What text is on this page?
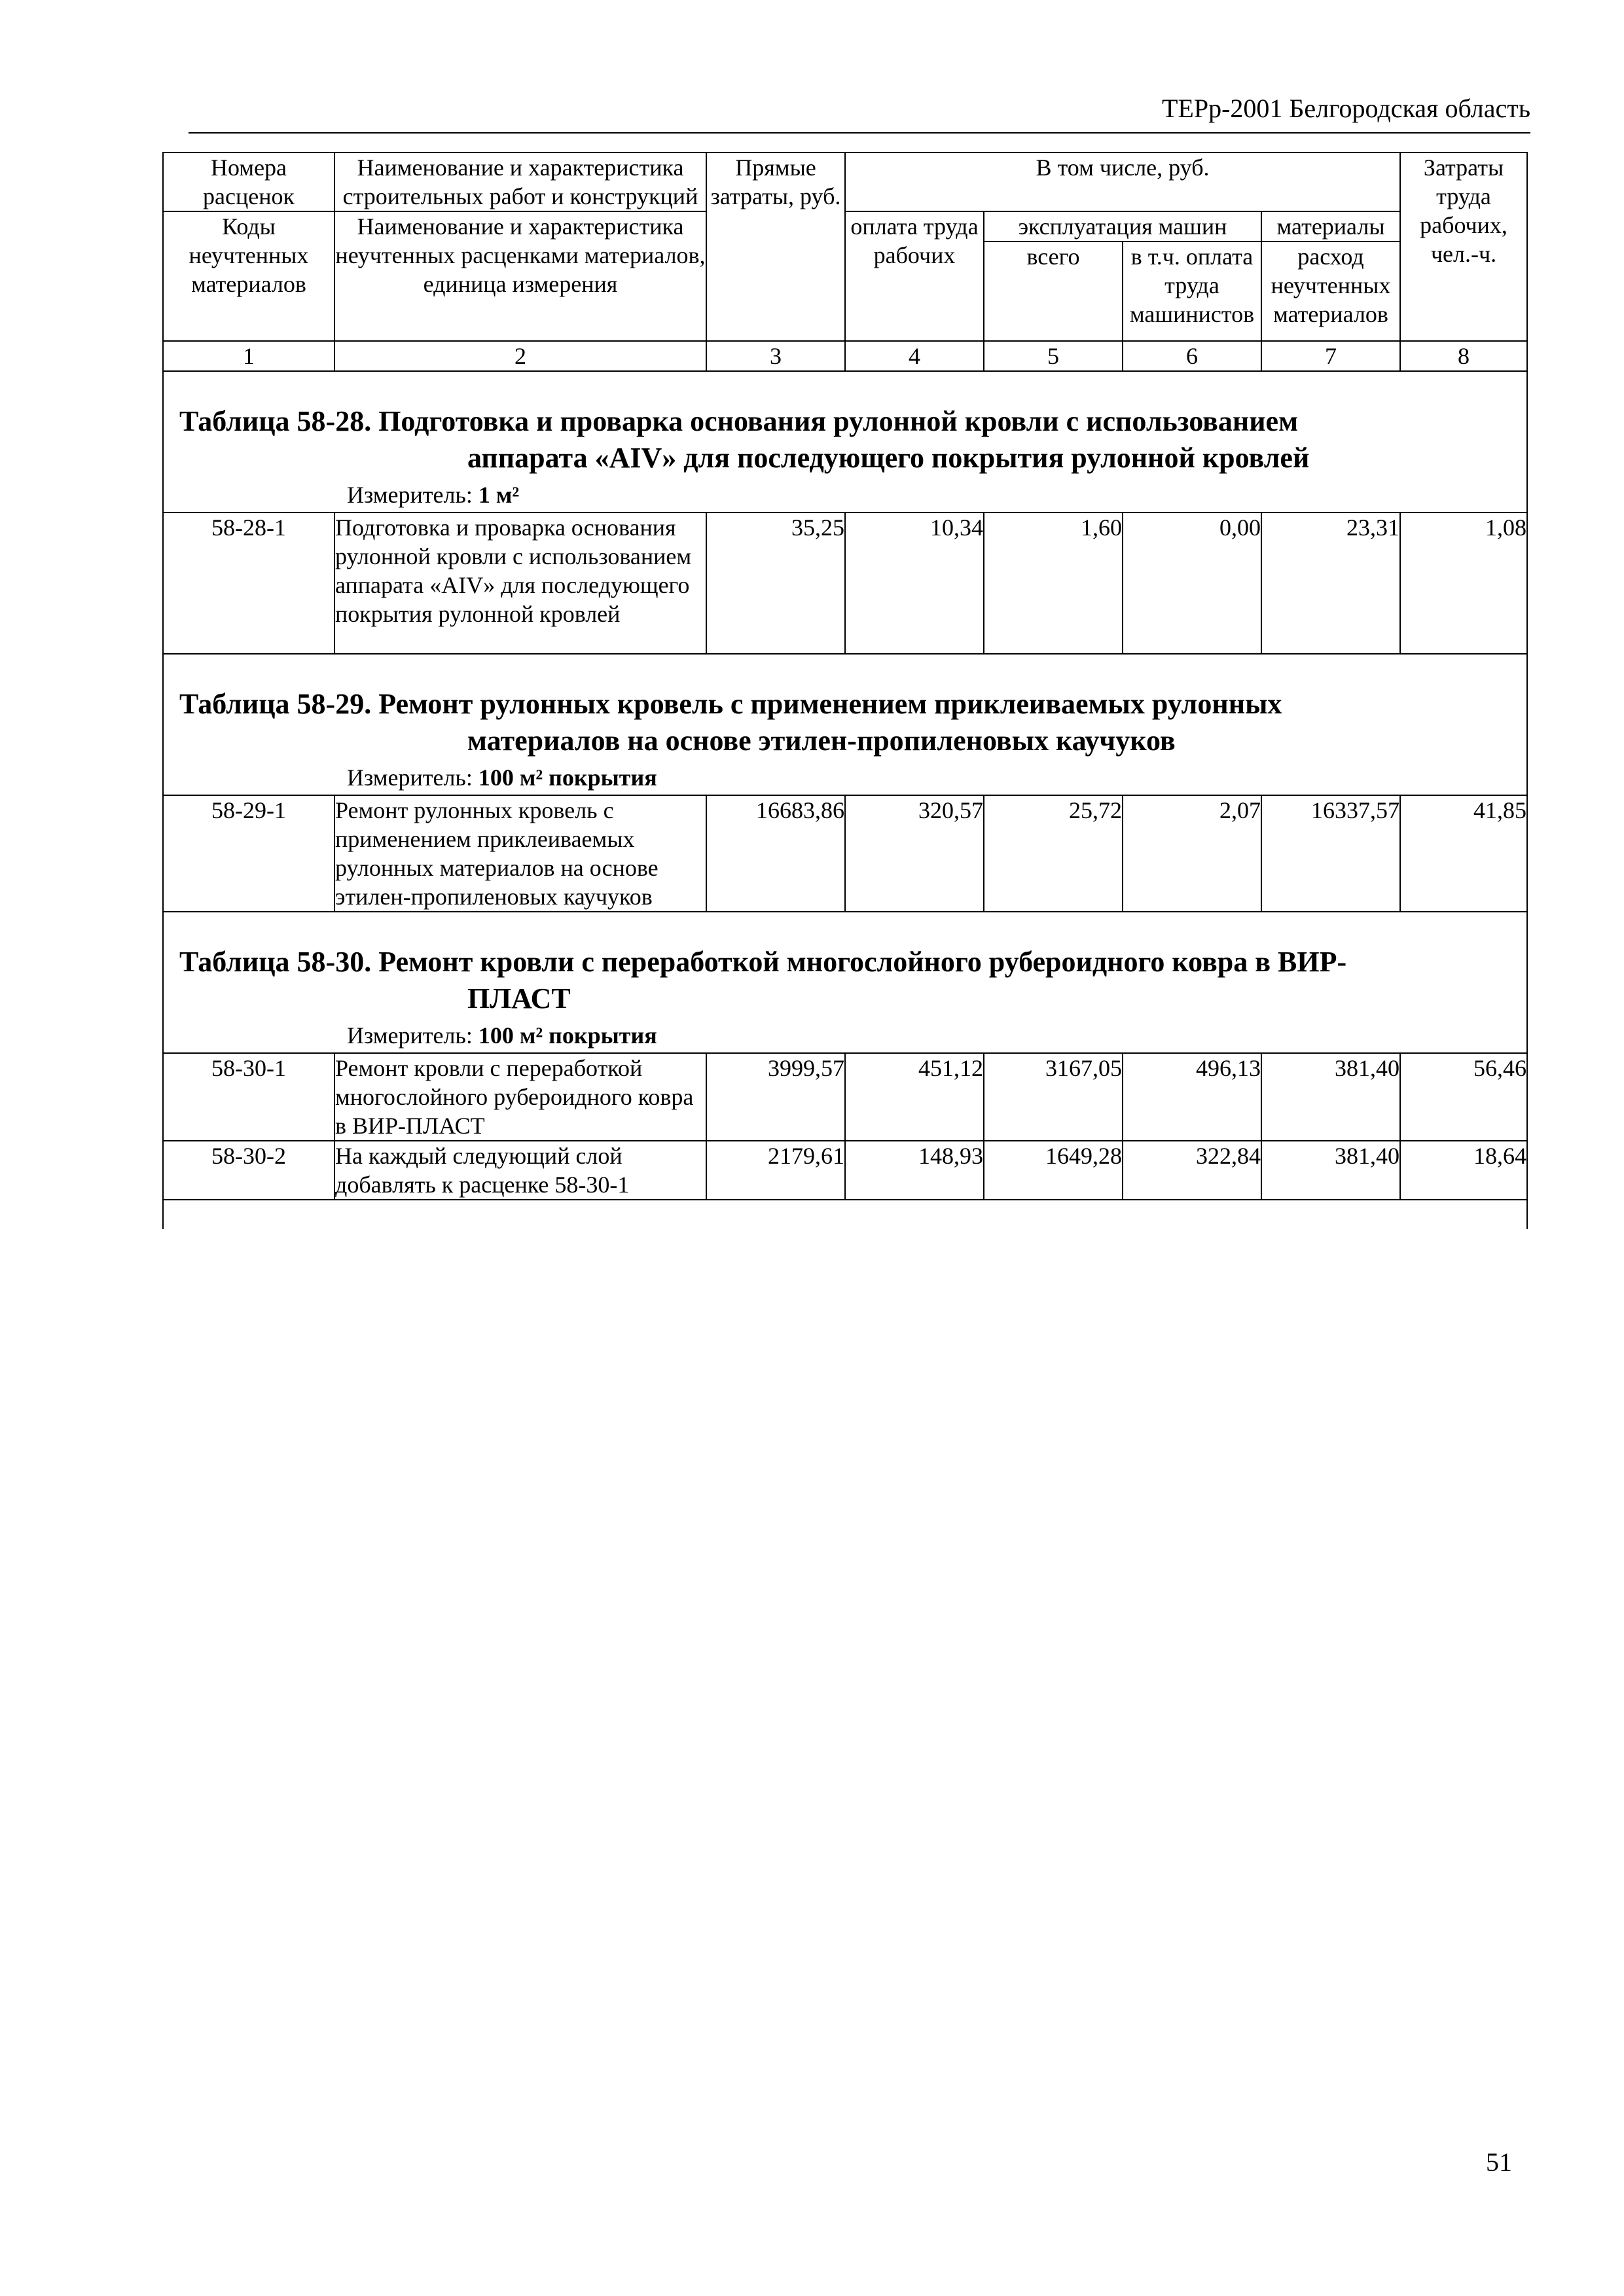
ТЕРр-2001 Белгородская область
Номера расценок	Наименование и характеристика строительных работ и конструкций	Прямые затраты, руб.	В том числе, руб.				Затраты труда рабочих, чел.-ч.
Коды неучтенных материалов	Наименование и характеристика неучтенных расценками материалов, единица измерения		оплата труда рабочих	эксплуатация машин		материалы	
				всего	в т.ч. оплата труда машинистов	расход неучтенных материалов	
1	2	3	4	5	6	7	8

Таблица 58-28. Подготовка и проварка основания рулонной кровли с использованием
аппарата «AIV» для последующего покрытия рулонной кровлей
Измеритель: 1 м²							

58-28-1	Подготовка и проварка основания рулонной кровли с использованием аппарата «AIV» для последующего покрытия рулонной кровлей	35,25	10,34	1,60	0,00	23,31	1,08

Таблица 58-29. Ремонт рулонных кровель с применением приклеиваемых рулонных
материалов на основе этилен-пропиленовых каучуков
Измеритель: 100 м² покрытия							

58-29-1	Ремонт рулонных кровель с применением приклеиваемых рулонных материалов на основе этилен-пропиленовых каучуков	16683,86	320,57	25,72	2,07	16337,57	41,85

Таблица 58-30. Ремонт кровли с переработкой многослойного рубероидного ковра в ВИР-
ПЛАСТ
Измеритель: 100 м² покрытия							

58-30-1	Ремонт кровли с переработкой многослойного рубероидного ковра в ВИР-ПЛАСТ	3999,57	451,12	3167,05	496,13	381,40	56,46
58-30-2	На каждый следующий слой добавлять к расценке 58-30-1	2179,61	148,93	1649,28	322,84	381,40	18,64

51
